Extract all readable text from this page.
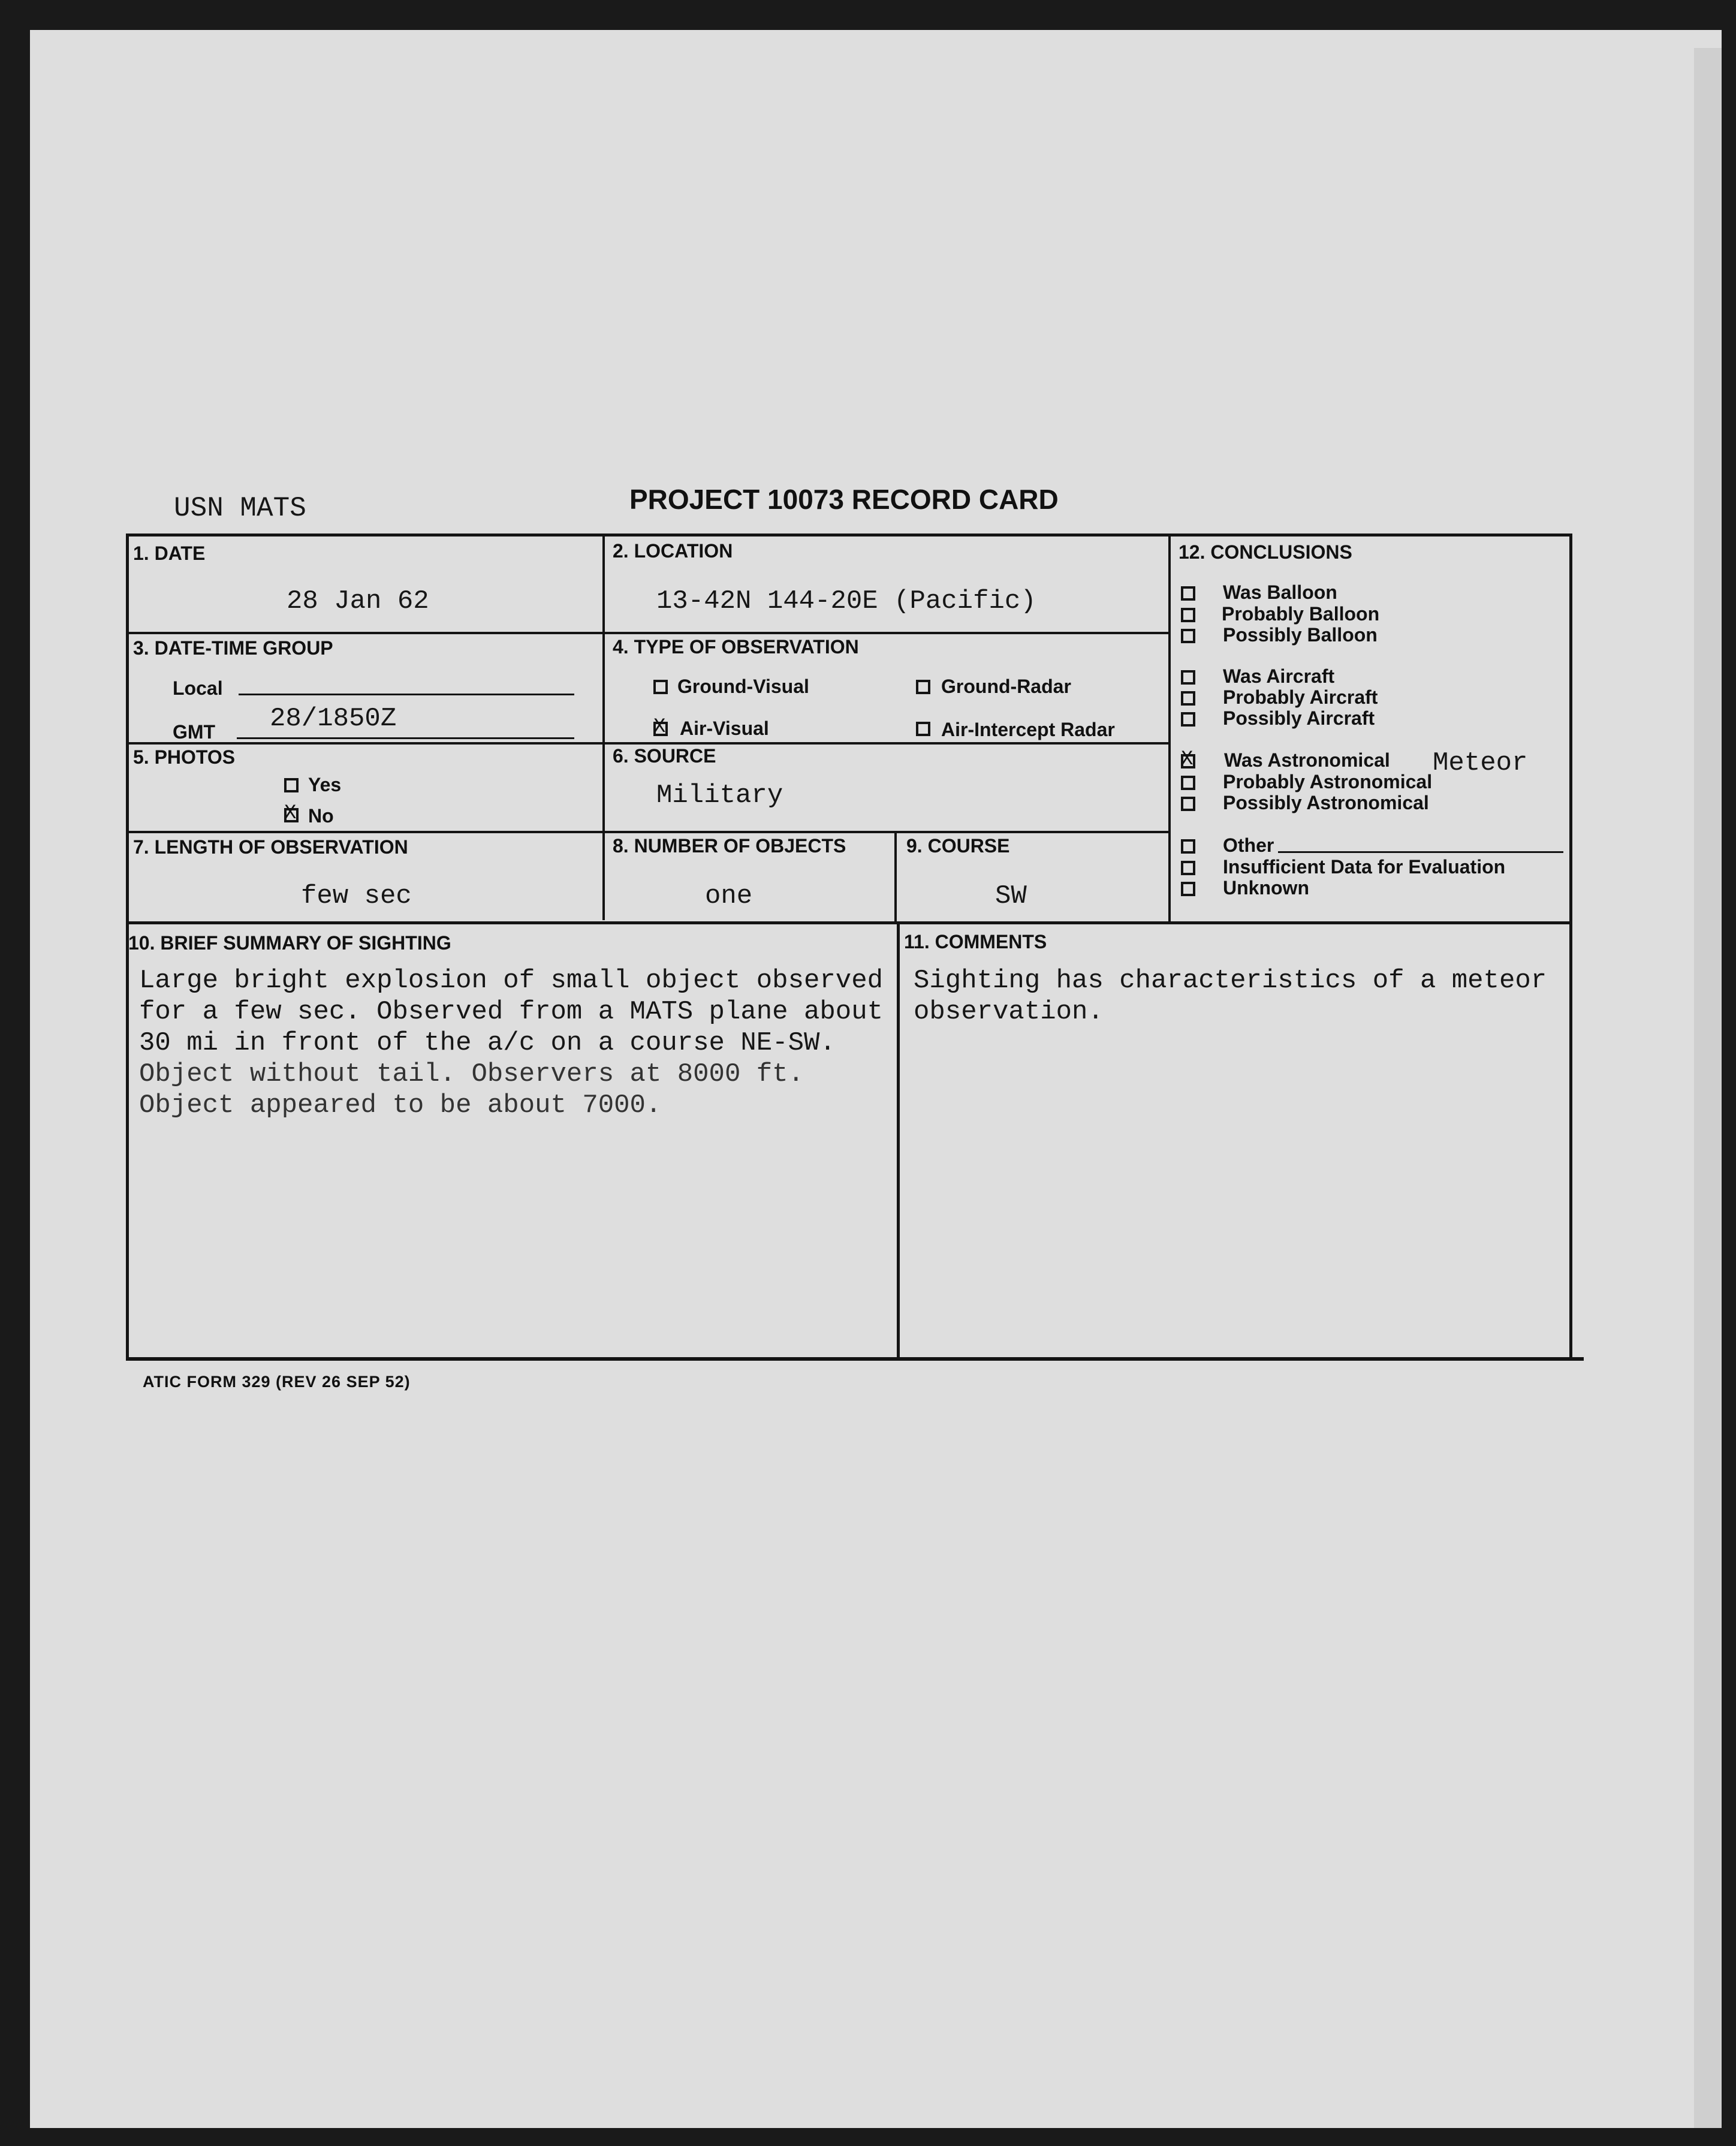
USN MATS	PROJECT 10073 RECORD CARD
1. DATE
28 Jan 62
2. LOCATION
13-42N 144-20E (Pacific)
3. DATE-TIME GROUP
Local
GMT 28/1850Z
4. TYPE OF OBSERVATION
Ground-Visual	Ground-Radar
X
Air-Visual	Air-Intercept Radar
5. PHOTOS
Yes
X
No
6. SOURCE
Military
7. LENGTH OF OBSERVATION
few sec
8. NUMBER OF OBJECTS
one
9. COURSE
SW
12. CONCLUSIONS
Was Balloon
Probably Balloon
Possibly Balloon
Was Aircraft
Probably Aircraft
Possibly Aircraft
X
Was Astronomical Meteor
Probably Astronomical
Possibly Astronomical
Other
Insufficient Data for Evaluation
Unknown
10. BRIEF SUMMARY OF SIGHTING
Large bright explosion of small object observed
for a few sec. Observed from a MATS plane about
30 mi in front of the a/c on a course NE-SW.
Object without tail. Observers at 8000 ft.
Object appeared to be about 7000.
11. COMMENTS
Sighting has characteristics of a meteor
observation.
ATIC FORM 329 (REV 26 SEP 52)
